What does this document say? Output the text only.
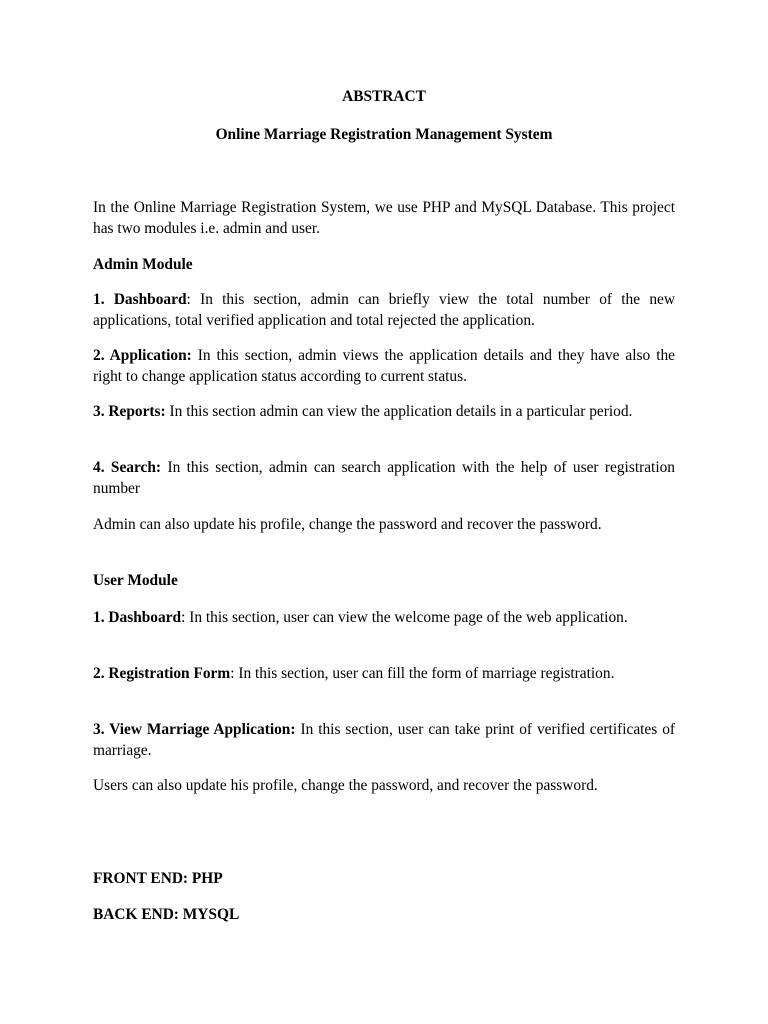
ABSTRACT
Online Marriage Registration Management System
In the Online Marriage Registration System, we use PHP and MySQL Database. This project has two modules i.e. admin and user.
Admin Module
1. Dashboard: In this section, admin can briefly view the total number of the new applications, total verified application and total rejected the application.
2. Application: In this section, admin views the application details and they have also the right to change application status according to current status.
3. Reports: In this section admin can view the application details in a particular period.
4. Search: In this section, admin can search application with the help of user registration number
Admin can also update his profile, change the password and recover the password.
User Module
1. Dashboard: In this section, user can view the welcome page of the web application.
2. Registration Form: In this section, user can fill the form of marriage registration.
3. View Marriage Application: In this section, user can take print of verified certificates of marriage.
Users can also update his profile, change the password, and recover the password.
FRONT END: PHP
BACK END: MYSQL
